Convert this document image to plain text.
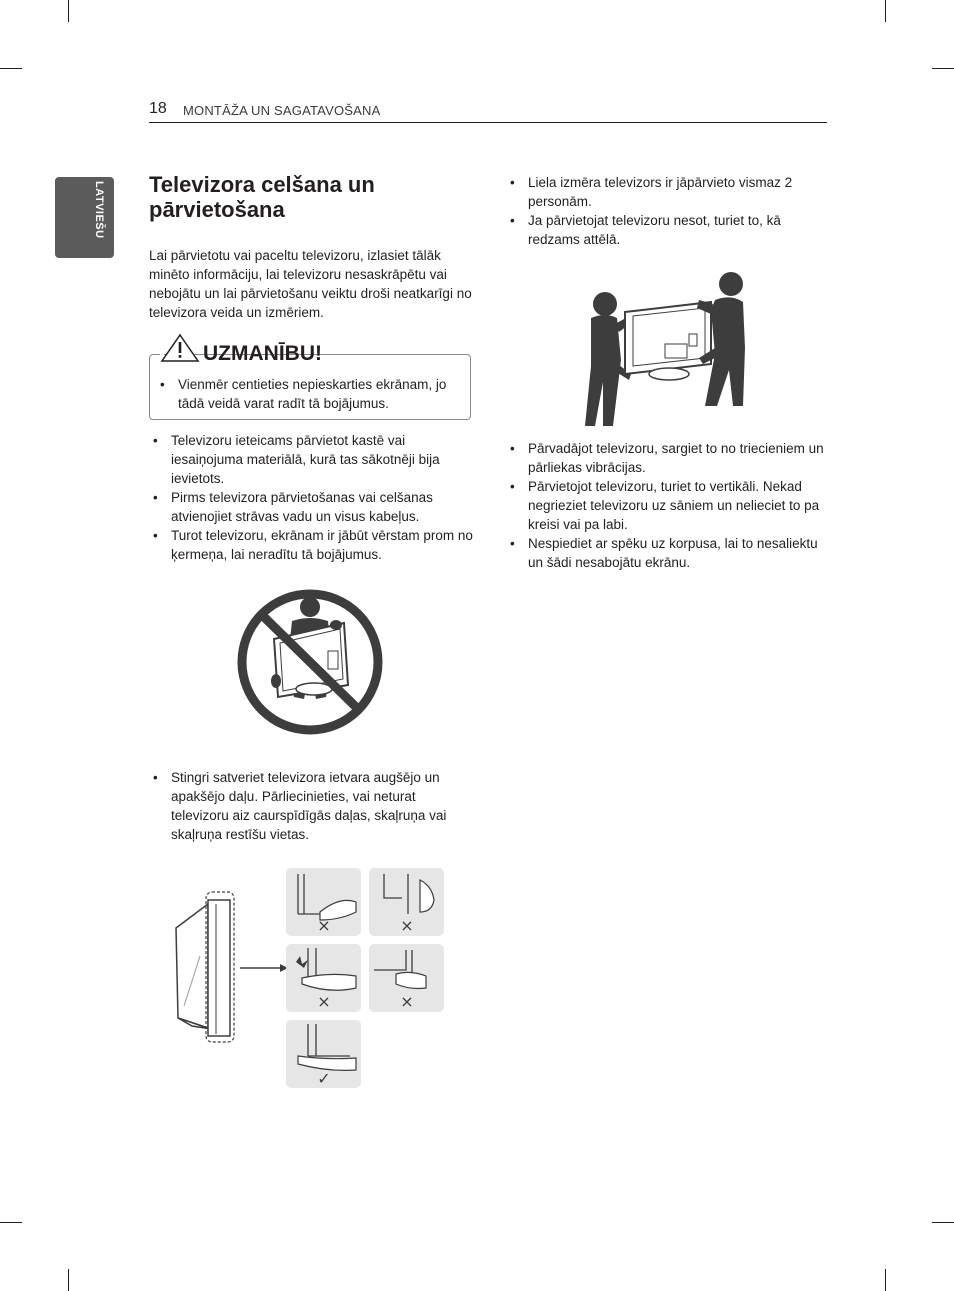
18 MONTĀŽA UN SAGATAVOŠANA
LATVIEŠU Televizora celšana un pārvietošana

Lai pārvietotu vai paceltu televizoru, izlasiet tālāk minēto informāciju, lai televizoru nesaskrāpētu vai nebojātu un lai pārvietošanu veiktu droši neatkarīgi no televizora veida un izmēriem.

• Vienmēr centieties nepieskarties ekrānam, jo tādā veidā varat radīt tā bojājumus.
UZMANĪBU!
• Televizoru ieteicams pārvietot kastē vai iesaiņojuma materiālā, kurā tas sākotnēji bija ievietots.
• Pirms televizora pārvietošanas vai celšanas atvienojiet strāvas vadu un visus kabeļus.
• Turot televizoru, ekrānam ir jābūt vērstam prom no ķermeņa, lai neradītu tā bojājumus.
• Stingri satveriet televizora ietvara augšējo un apakšējo daļu. Pārliecinieties, vai neturat televizoru aiz caurspīdīgās daļas, skaļruņa vai skaļruņa restīšu vietas.
×	×
×	×
✓
• Liela izmēra televizors ir jāpārvieto vismaz 2 personām.
• Ja pārvietojat televizoru nesot, turiet to, kā redzams attēlā.
• Pārvadājot televizoru, sargiet to no triecieniem un pārliekas vibrācijas.
• Pārvietojot televizoru, turiet to vertikāli. Nekad negrieziet televizoru uz sāniem un nelieciet to pa kreisi vai pa labi.
• Nespiediet ar spēku uz korpusa, lai to nesaliektu un šādi nesabojātu ekrānu.
